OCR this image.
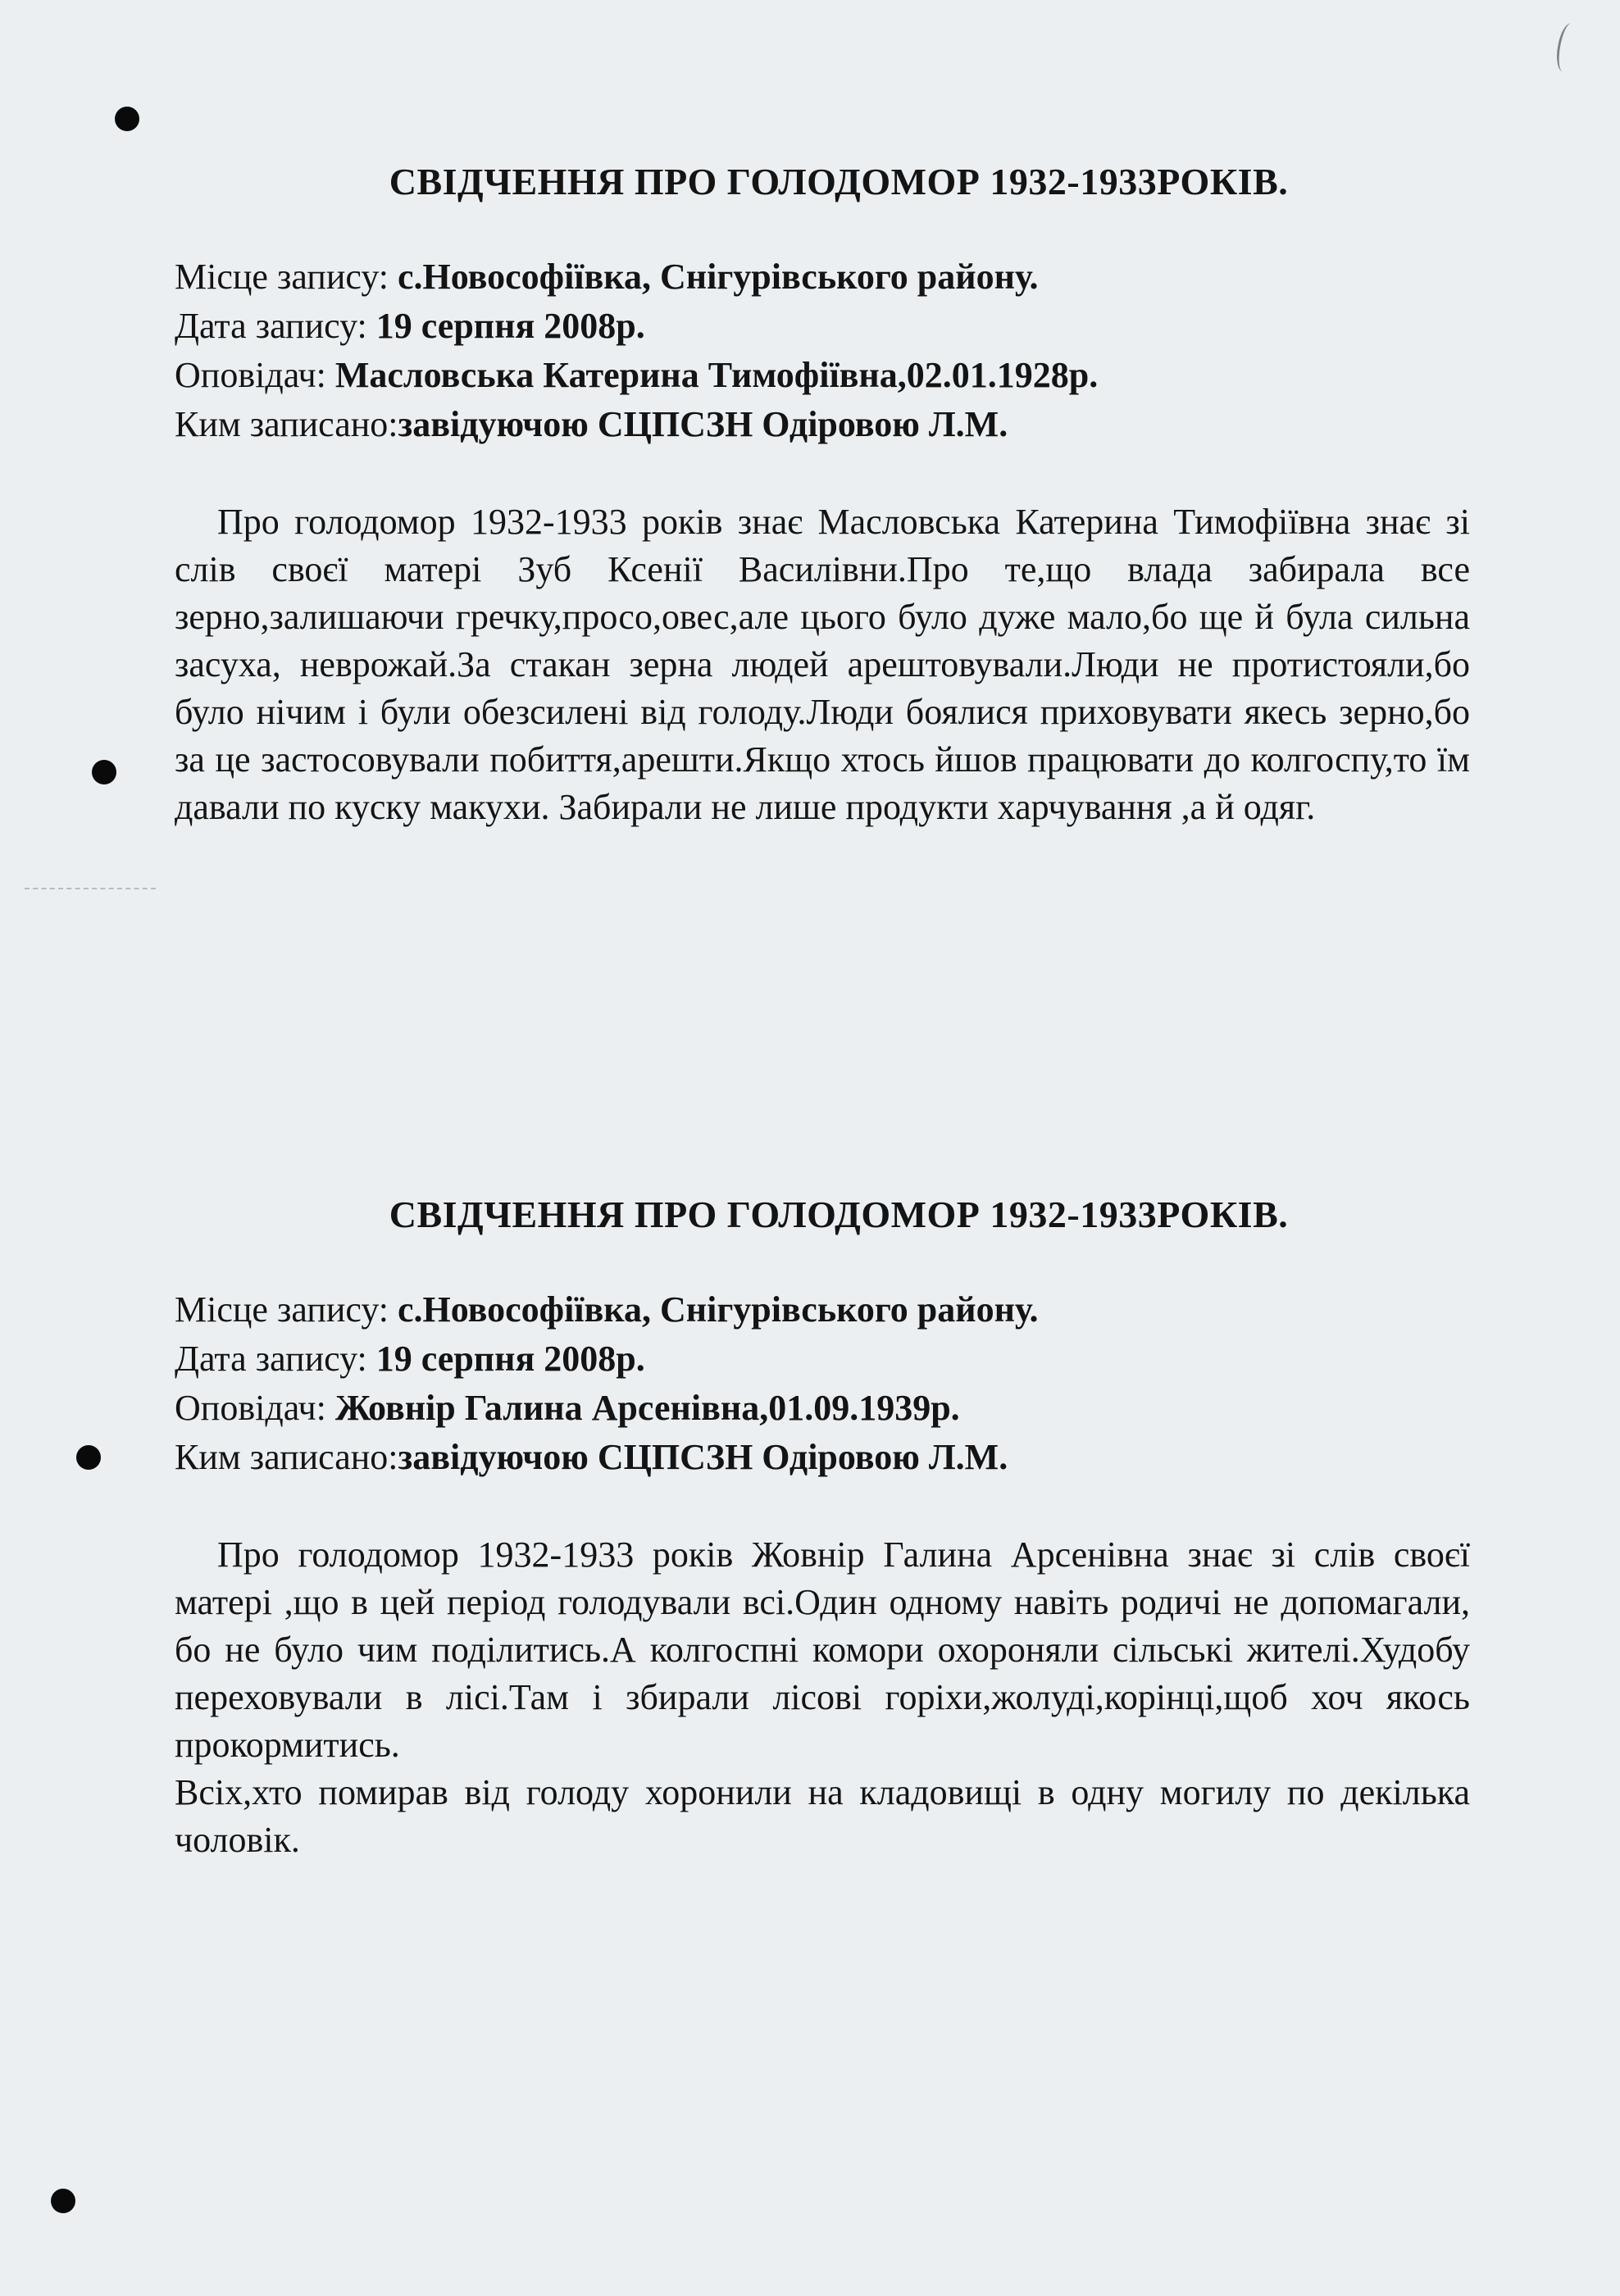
СВІДЧЕННЯ ПРО ГОЛОДОМОР 1932-1933РОКІВ.

Місце запису: с.Новософіївка, Снігурівського району.

Дата запису: 19 серпня 2008р.

Оповідач: Масловська Катерина Тимофіївна,02.01.1928р.

Ким записано:завідуючою СЦПСЗН Одіровою Л.М.

Про голодомор 1932-1933 років знає Масловська Катерина Тимофіївна знає зі слів своєї матері Зуб Ксенії Василівни.Про те,що влада забирала все зерно,залишаючи гречку,просо,овес,але цього було дуже мало,бо ще й була сильна засуха, неврожай.За стакан зерна людей арештовували.Люди не протистояли,бо було нічим і були обезсилені від голоду.Люди боялися приховувати якесь зерно,бо за це застосовували побиття,арешти.Якщо хтось йшов працювати до колгоспу,то їм давали по куску макухи. Забирали не лише продукти харчування ,а й одяг.

СВІДЧЕННЯ ПРО ГОЛОДОМОР 1932-1933РОКІВ.

Місце запису: с.Новософіївка, Снігурівського району.

Дата запису: 19 серпня 2008р.

Оповідач: Жовнір Галина Арсенівна,01.09.1939р.

Ким записано:завідуючою СЦПСЗН Одіровою Л.М.

Про голодомор 1932-1933 років Жовнір Галина Арсенівна знає зі слів своєї матері ,що в цей період голодували всі.Один одному навіть родичі не допомагали, бо не було чим поділитись.А колгоспні комори охороняли сільські жителі.Худобу переховували в лісі.Там і збирали лісові горіхи,жолуді,корінці,щоб хоч якось прокормитись.

Всіх,хто помирав від голоду хоронили на кладовищі в одну могилу по декілька чоловік.
